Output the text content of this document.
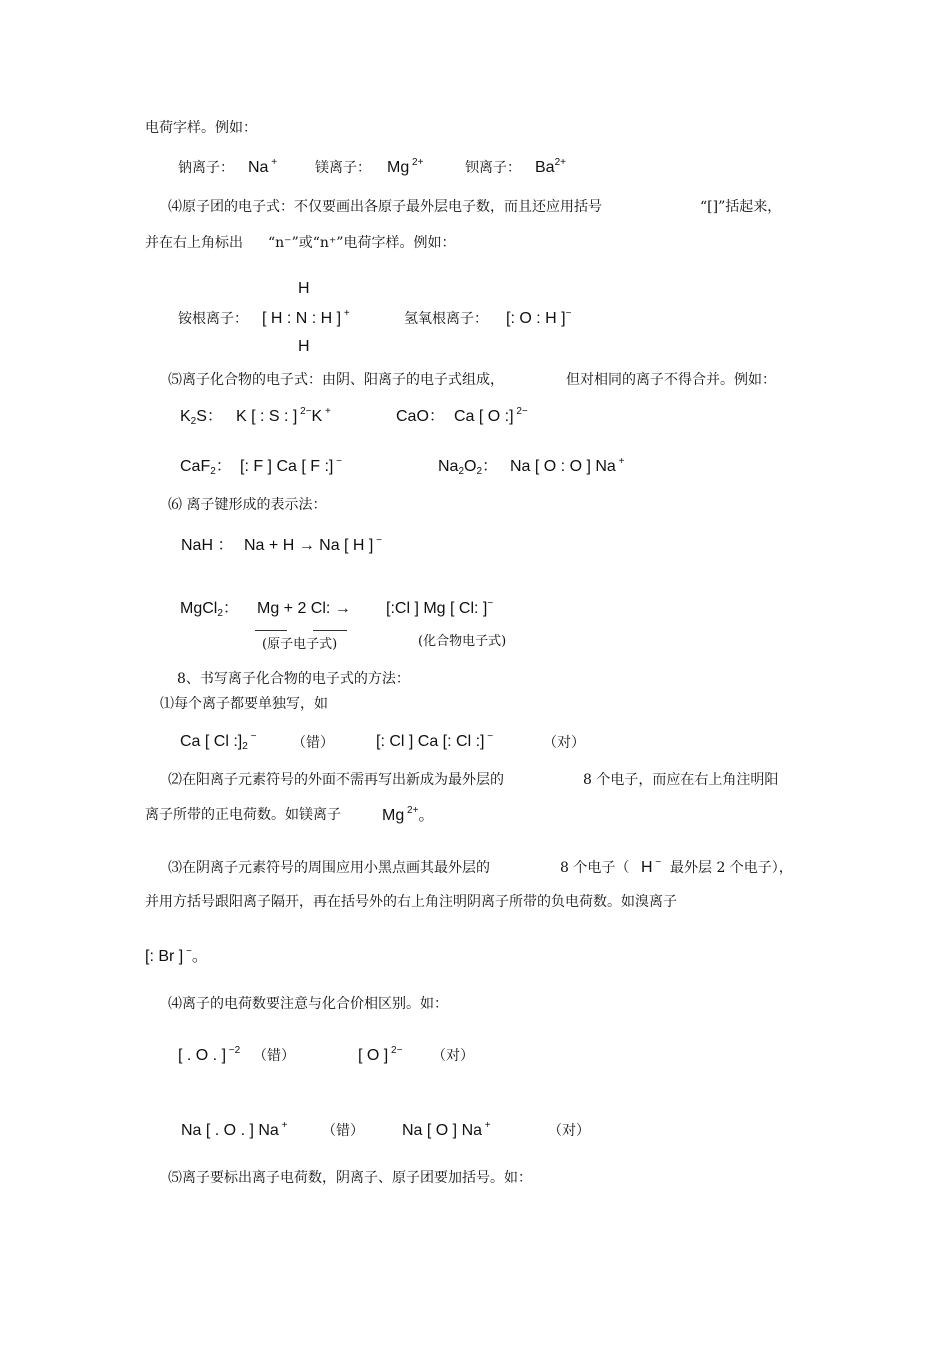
电荷字样。例如：
钠离子： Na +	镁离子： Mg $^{2+}$	钡离子： $Ba^{2+}$
⑷原子团的电子式：不仅要画出各原子最外层电子数，而且还应用括号	“[]”括起来，
并在右上角标出 “n⁻”或“n⁺”电荷字样。例如：
H
铵根离子： [ H : N : H ] +
H
氢氧根离子： [: O : H ]−
⑸离子化合物的电子式：由阴、阳离子的电子式组成，	但对相同的离子不得合并。例如：
$K_2S$： K [ : S : ] $^{2-}$K +	CaO： Ca [ O :] $^{2-}$
CaF$_2$： [: F ] Ca [ F :] −	$Na_2O_2$： Na [ O : O ] Na +
⑹ 离子键形成的表示法：
NaH ： Na + H → Na [ H ] −
MgCl$_2$： Mg + 2 Cl: → [:Cl ] Mg [ Cl: ]−
(原子电子式)	(化合物电子式)
8、书写离子化合物的电子式的方法：
⑴每个离子都要单独写，如
Ca [ Cl $:]_2$ −	（错）	[: Cl ] Ca [: Cl :] −	（对）
⑵在阳离子元素符号的外面不需再写出新成为最外层的	8 个电子，而应在右上角注明阳
离子所带的正电荷数。如镁离子	Mg $^{2+}$。
⑶在阴离子元素符号的周围应用小黑点画其最外层的	8 个电子（ H − 最外层 2 个电子），
并用方括号跟阳离子隔开，再在括号外的右上角注明阴离子所带的负电荷数。如溴离子
[: Br ] −。
⑷离子的电荷数要注意与化合价相区别。如：
[ . O . ] $^{-2}$ （错）	[ O ] $^{2-}$ （对）
Na [ . O . ] Na + （错） Na [ O ] Na +	（对）
⑸离子要标出离子电荷数，阴离子、原子团要加括号。如：
